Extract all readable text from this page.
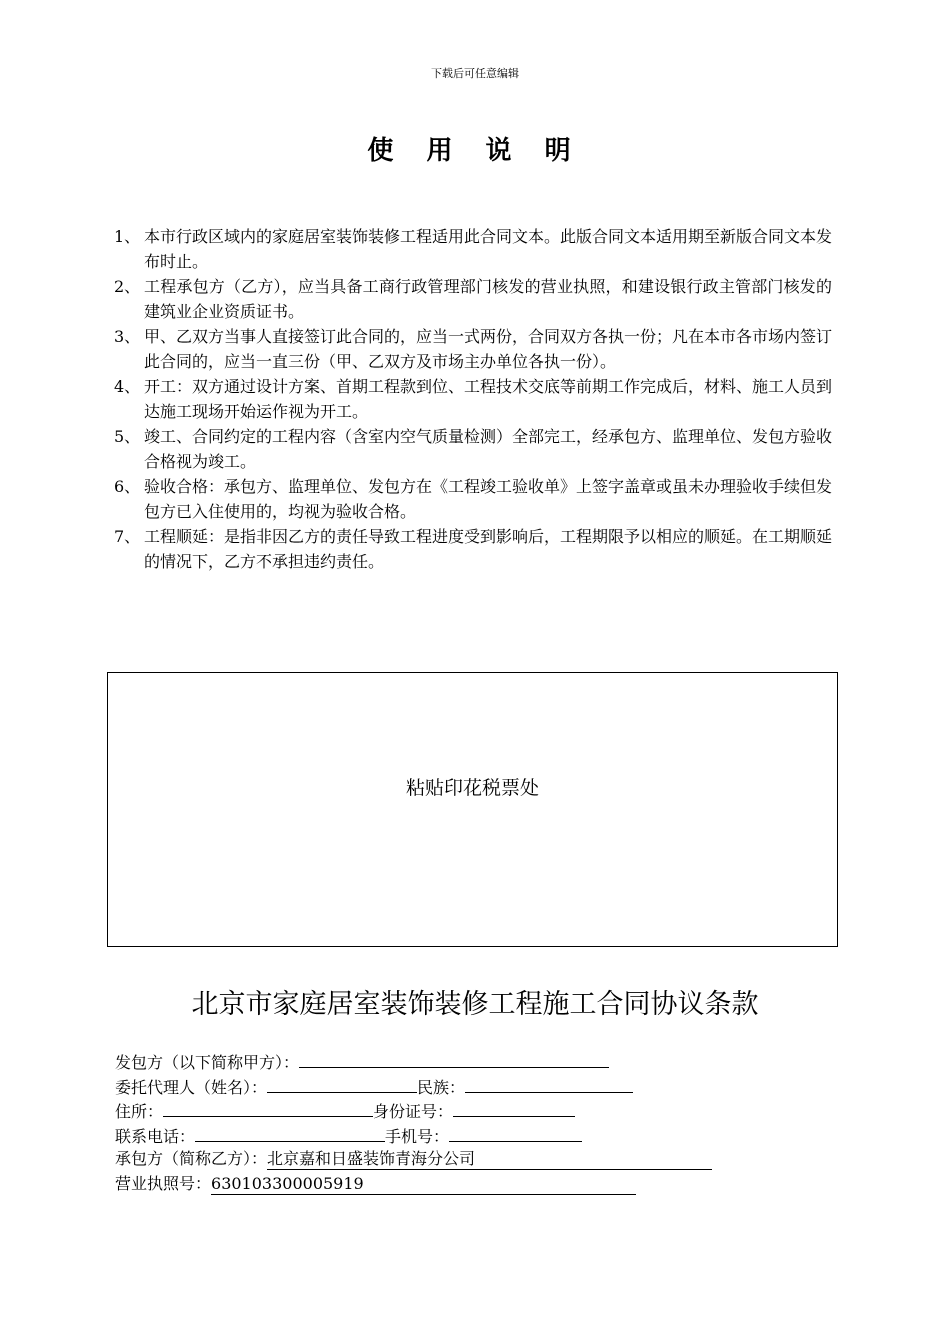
下载后可任意编辑
使 用 说 明
1、 本市行政区域内的家庭居室装饰装修工程适用此合同文本。此版合同文本适用期至新版合同文本发布时止。
2、 工程承包方（乙方），应当具备工商行政管理部门核发的营业执照，和建设银行政主管部门核发的建筑业企业资质证书。
3、 甲、乙双方当事人直接签订此合同的，应当一式两份，合同双方各执一份；凡在本市各市场内签订此合同的，应当一直三份（甲、乙双方及市场主办单位各执一份）。
4、 开工：双方通过设计方案、首期工程款到位、工程技术交底等前期工作完成后，材料、施工人员到达施工现场开始运作视为开工。
5、 竣工、合同约定的工程内容（含室内空气质量检测）全部完工，经承包方、监理单位、发包方验收合格视为竣工。
6、 验收合格：承包方、监理单位、发包方在《工程竣工验收单》上签字盖章或虽未办理验收手续但发包方已入住使用的，均视为验收合格。
7、 工程顺延：是指非因乙方的责任导致工程进度受到影响后，工程期限予以相应的顺延。在工期顺延的情况下，乙方不承担违约责任。
粘贴印花税票处
北京市家庭居室装饰装修工程施工合同协议条款
发包方（以下简称甲方）：
委托代理人（姓名）：	民族：
住所：	身份证号：
联系电话：	手机号：
承包方（简称乙方）：北京嘉和日盛装饰青海分公司
营业执照号：630103300005919
